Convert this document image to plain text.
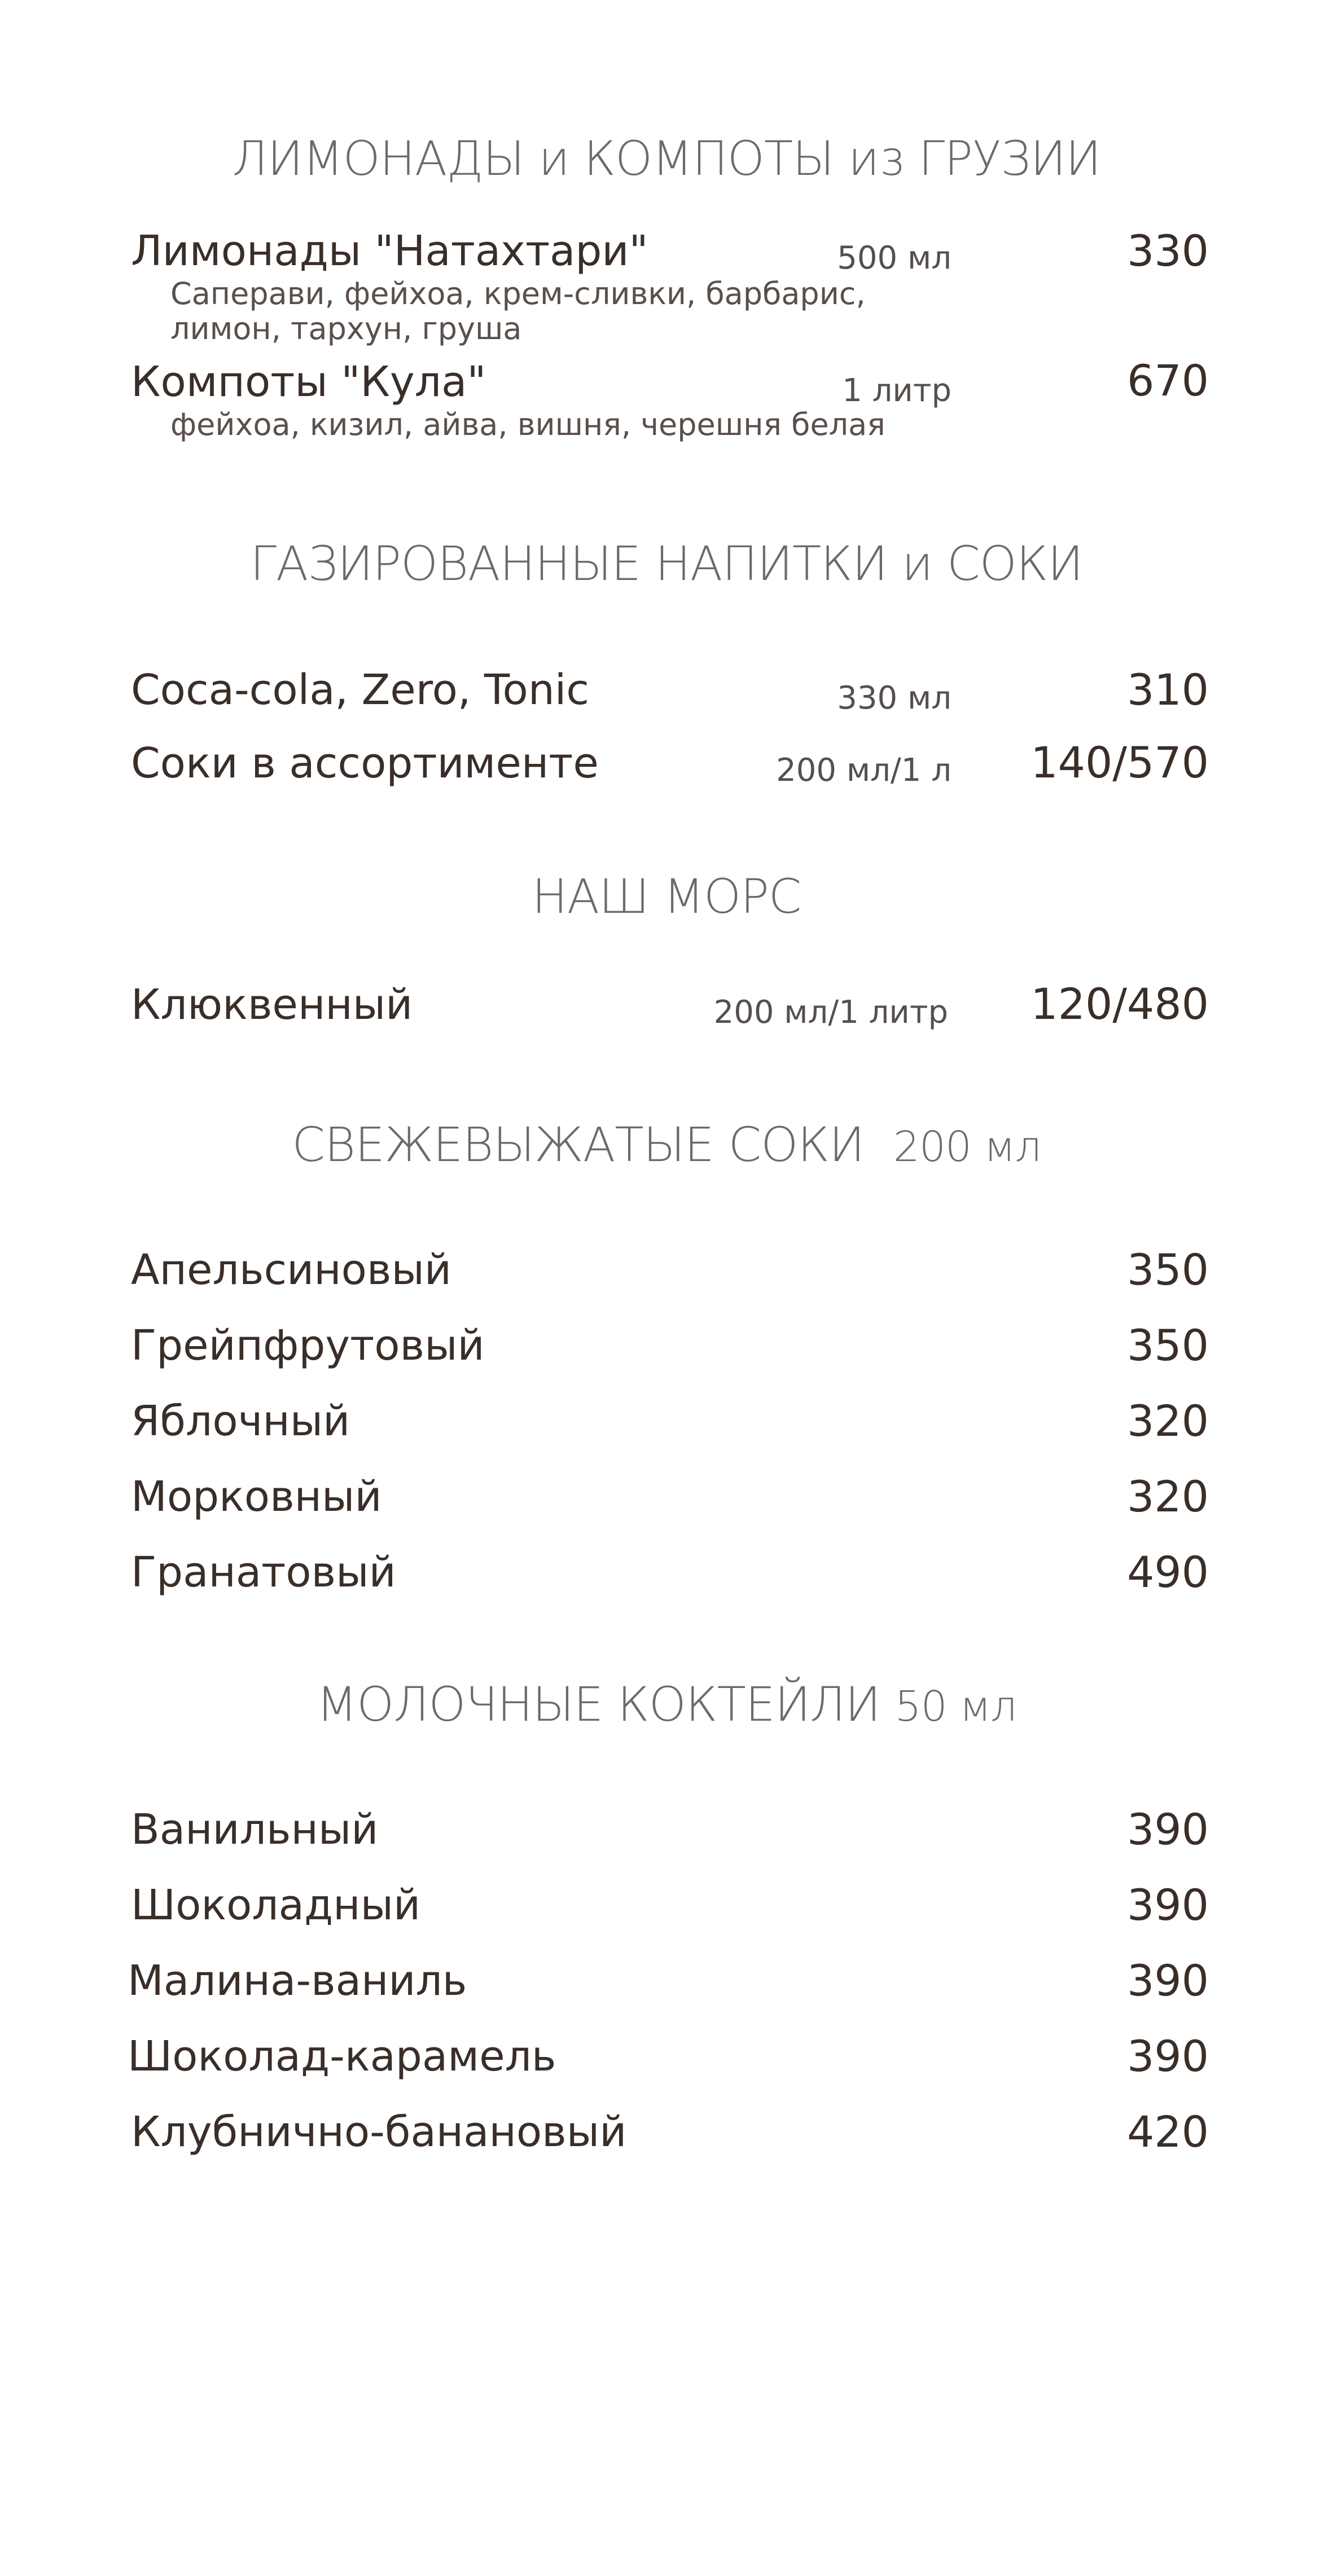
ЛИМОНАДЫ и КОМПОТЫ из ГРУЗИИ
Лимонады "Натахтари"	500 мл	330
Саперави, фейхоа, крем-сливки, барбарис,
лимон, тархун, груша
Компоты "Кула"	1 литр	670
фейхоа, кизил, айва, вишня, черешня белая
ГАЗИРОВАННЫЕ НАПИТКИ и СОКИ
Coca-cola, Zero, Tonic	330 мл	310
Соки в ассортименте	200 мл/1 л 140/570
НАШ МОРС
Клюквенный	200 мл/1 литр 120/480
СВЕЖЕВЫЖАТЫЕ СОКИ 200 мл
Апельсиновый	350
Грейпфрутовый	350
Яблочный	320
Морковный	320
Гранатовый	490
МОЛОЧНЫЕ КОКТЕЙЛИ 50 мл
Ванильный	390
Шоколадный	390
Малина-ваниль	390
Шоколад-карамель	390
Клубнично-банановый	420
